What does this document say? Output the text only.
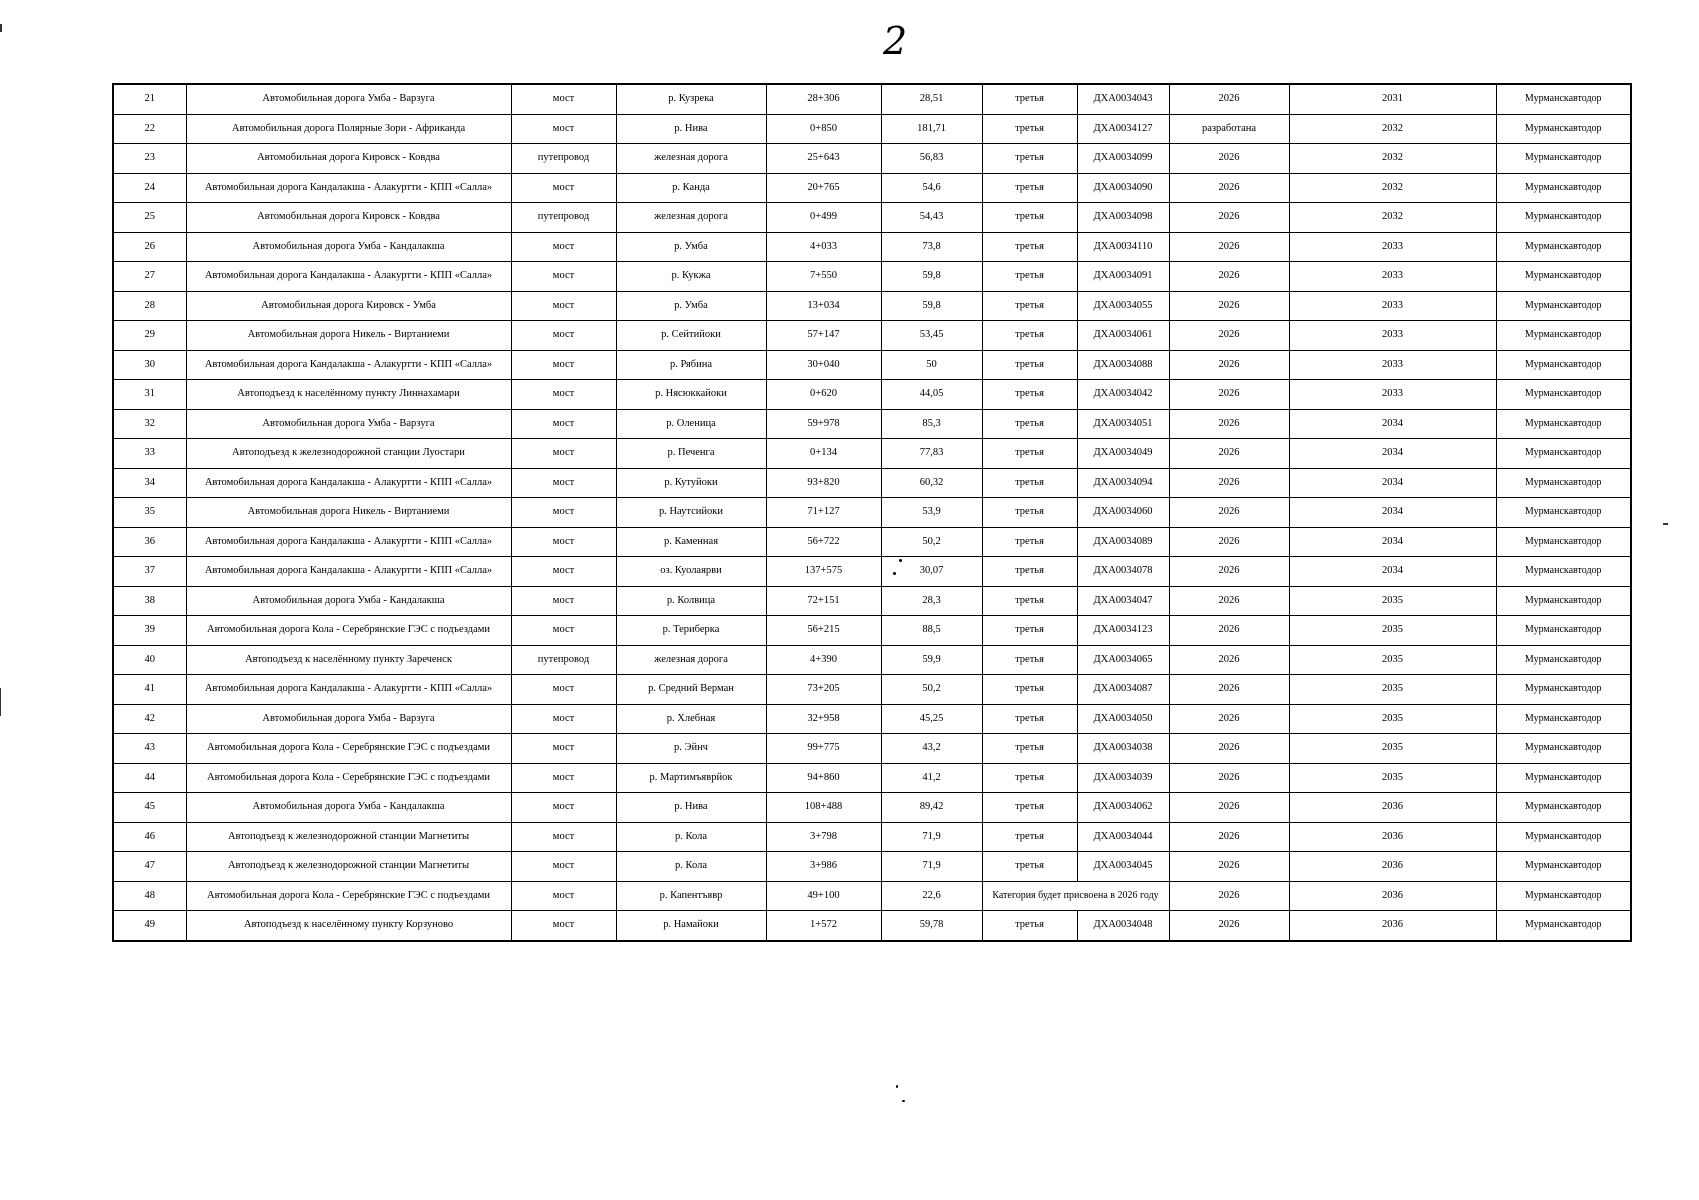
2
21	Автомобильная дорога Умба - Варзуга	мост	р. Кузрека	28+306	28,51	третья	ДХА0034043	2026	2031	Мурманскавтодор
22	Автомобильная дорога Полярные Зори - Африканда	мост	р. Нива	0+850	181,71	третья	ДХА0034127	разработана	2032	Мурманскавтодор
23	Автомобильная дорога Кировск - Ковдва	путепровод	железная дорога	25+643	56,83	третья	ДХА0034099	2026	2032	Мурманскавтодор
24	Автомобильная дорога Кандалакша - Алакуртти - КПП «Салла»	мост	р. Канда	20+765	54,6	третья	ДХА0034090	2026	2032	Мурманскавтодор
25	Автомобильная дорога Кировск - Ковдва	путепровод	железная дорога	0+499	54,43	третья	ДХА0034098	2026	2032	Мурманскавтодор
26	Автомобильная дорога Умба - Кандалакша	мост	р. Умба	4+033	73,8	третья	ДХА0034110	2026	2033	Мурманскавтодор
27	Автомобильная дорога Кандалакша - Алакуртти - КПП «Салла»	мост	р. Кукжа	7+550	59,8	третья	ДХА0034091	2026	2033	Мурманскавтодор
28	Автомобильная дорога Кировск - Умба	мост	р. Умба	13+034	59,8	третья	ДХА0034055	2026	2033	Мурманскавтодор
29	Автомобильная дорога Никель - Виртаниеми	мост	р. Сейтийоки	57+147	53,45	третья	ДХА0034061	2026	2033	Мурманскавтодор
30	Автомобильная дорога Кандалакша - Алакуртти - КПП «Салла»	мост	р. Рябина	30+040	50	третья	ДХА0034088	2026	2033	Мурманскавтодор
31	Автоподъезд к населённому пункту Линнахамари	мост	р. Нясюккайоки	0+620	44,05	третья	ДХА0034042	2026	2033	Мурманскавтодор
32	Автомобильная дорога Умба - Варзуга	мост	р. Оленица	59+978	85,3	третья	ДХА0034051	2026	2034	Мурманскавтодор
33	Автоподъезд к железнодорожной станции Луостари	мост	р. Печенга	0+134	77,83	третья	ДХА0034049	2026	2034	Мурманскавтодор
34	Автомобильная дорога Кандалакша - Алакуртти - КПП «Салла»	мост	р. Кутуйоки	93+820	60,32	третья	ДХА0034094	2026	2034	Мурманскавтодор
35	Автомобильная дорога Никель - Виртаниеми	мост	р. Наутсийоки	71+127	53,9	третья	ДХА0034060	2026	2034	Мурманскавтодор
36	Автомобильная дорога Кандалакша - Алакуртти - КПП «Салла»	мост	р. Каменная	56+722	50,2	третья	ДХА0034089	2026	2034	Мурманскавтодор
37	Автомобильная дорога Кандалакша - Алакуртти - КПП «Салла»	мост	оз. Куолаярви	137+575	30,07	третья	ДХА0034078	2026	2034	Мурманскавтодор
38	Автомобильная дорога Умба - Кандалакша	мост	р. Колвица	72+151	28,3	третья	ДХА0034047	2026	2035	Мурманскавтодор
39	Автомобильная дорога Кола - Серебрянские ГЭС с подъездами	мост	р. Териберка	56+215	88,5	третья	ДХА0034123	2026	2035	Мурманскавтодор
40	Автоподъезд к населённому пункту Зареченск	путепровод	железная дорога	4+390	59,9	третья	ДХА0034065	2026	2035	Мурманскавтодор
41	Автомобильная дорога Кандалакша - Алакуртти - КПП «Салла»	мост	р. Средний Верман	73+205	50,2	третья	ДХА0034087	2026	2035	Мурманскавтодор
42	Автомобильная дорога Умба - Варзуга	мост	р. Хлебная	32+958	45,25	третья	ДХА0034050	2026	2035	Мурманскавтодор
43	Автомобильная дорога Кола - Серебрянские ГЭС с подъездами	мост	р. Эйнч	99+775	43,2	третья	ДХА0034038	2026	2035	Мурманскавтодор
44	Автомобильная дорога Кола - Серебрянские ГЭС с подъездами	мост	р. Мартимъяврйок	94+860	41,2	третья	ДХА0034039	2026	2035	Мурманскавтодор
45	Автомобильная дорога Умба - Кандалакша	мост	р. Нива	108+488	89,42	третья	ДХА0034062	2026	2036	Мурманскавтодор
46	Автоподъезд к железнодорожной станции Магнетиты	мост	р. Кола	3+798	71,9	третья	ДХА0034044	2026	2036	Мурманскавтодор
47	Автоподъезд к железнодорожной станции Магнетиты	мост	р. Кола	3+986	71,9	третья	ДХА0034045	2026	2036	Мурманскавтодор
48	Автомобильная дорога Кола - Серебрянские ГЭС с подъездами	мост	р. Капентъявр	49+100	22,6	Категория будет присвоена в 2026 году		2026	2036	Мурманскавтодор
49	Автоподъезд к населённому пункту Корзуново	мост	р. Намайоки	1+572	59,78	третья	ДХА0034048	2026	2036	Мурманскавтодор
